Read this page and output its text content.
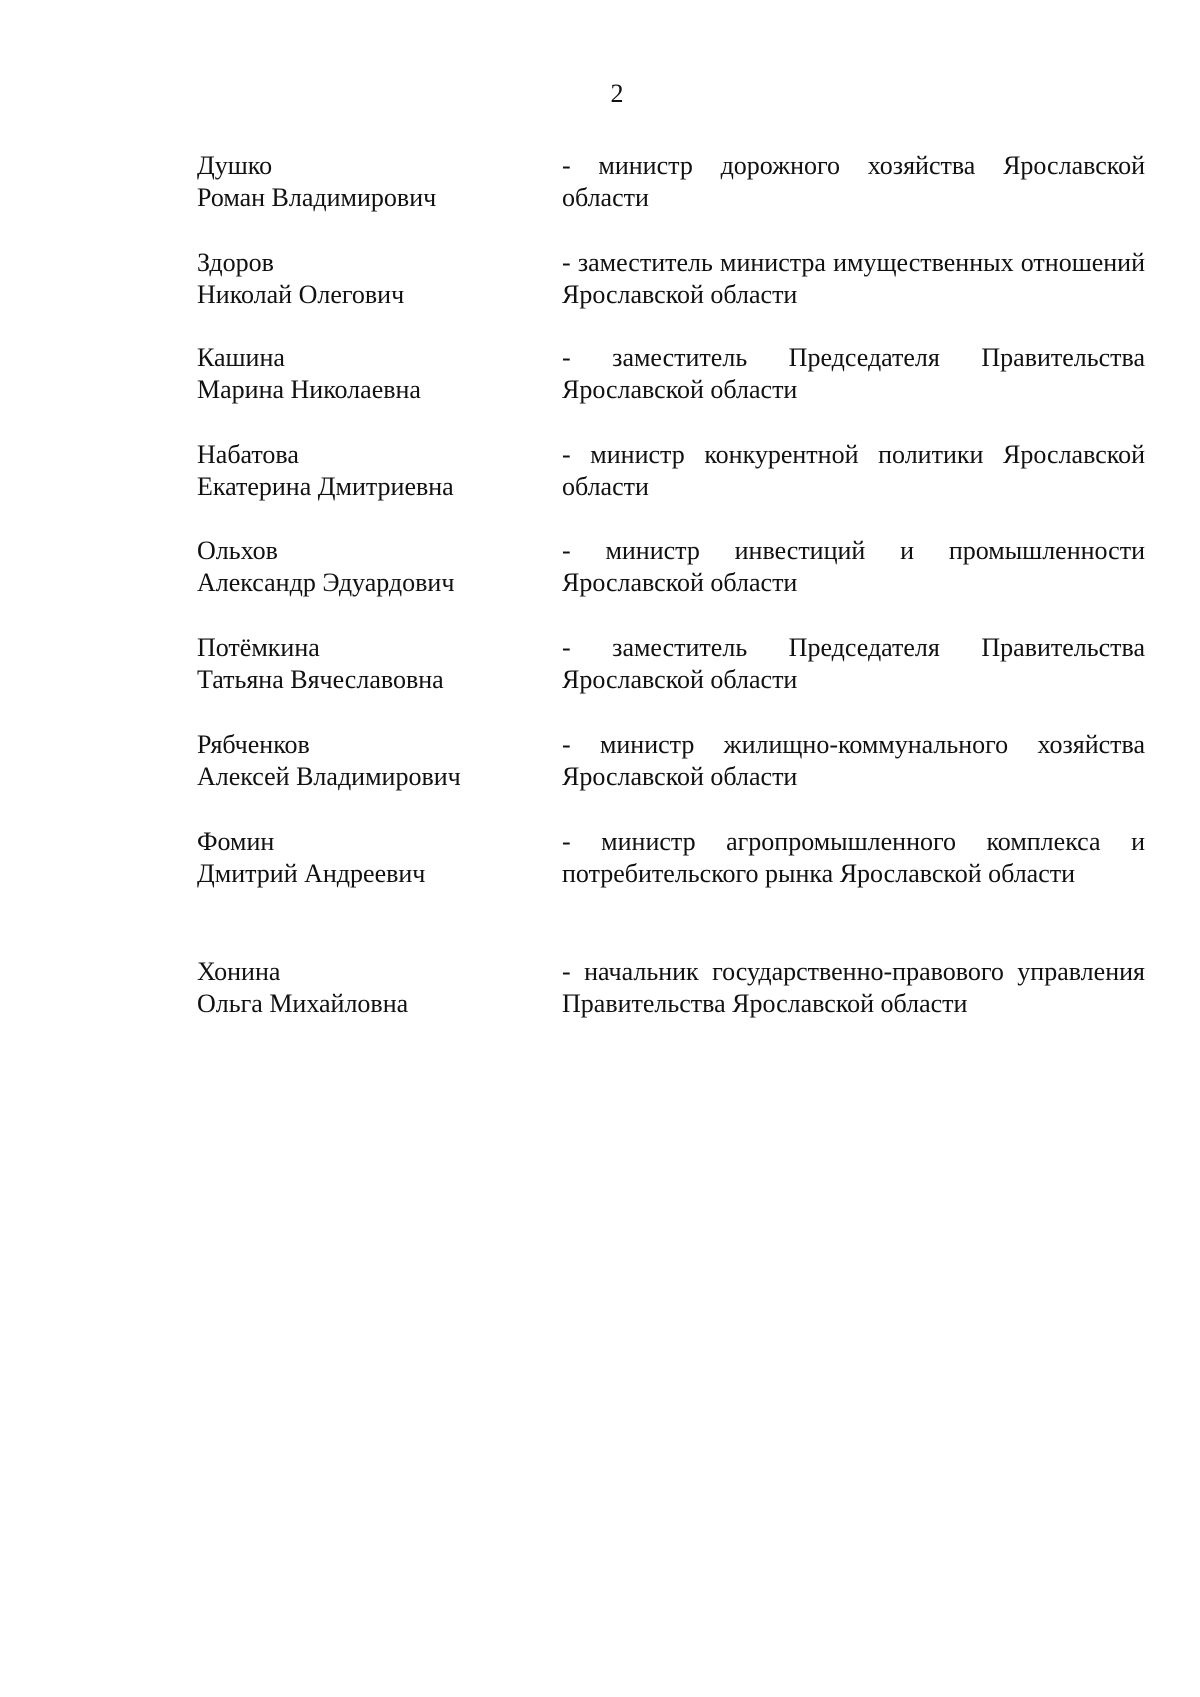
2
Душко
Роман Владимирович
- министр дорожного хозяйства Ярославской области
Здоров
Николай Олегович
- заместитель министра имущественных отношений Ярославской области
Кашина
Марина Николаевна
- заместитель Председателя Правительства Ярославской области
Набатова
Екатерина Дмитриевна
- министр конкурентной политики Ярославской области
Ольхов
Александр Эдуардович
- министр инвестиций и промышленности Ярославской области
Потёмкина
Татьяна Вячеславовна
- заместитель Председателя Правительства Ярославской области
Рябченков
Алексей Владимирович
- министр жилищно-коммунального хозяйства Ярославской области
Фомин
Дмитрий Андреевич
- министр агропромышленного комплекса и потребительского рынка Ярославской области
Хонина
Ольга Михайловна
- начальник государственно-правового управления Правительства Ярославской области
